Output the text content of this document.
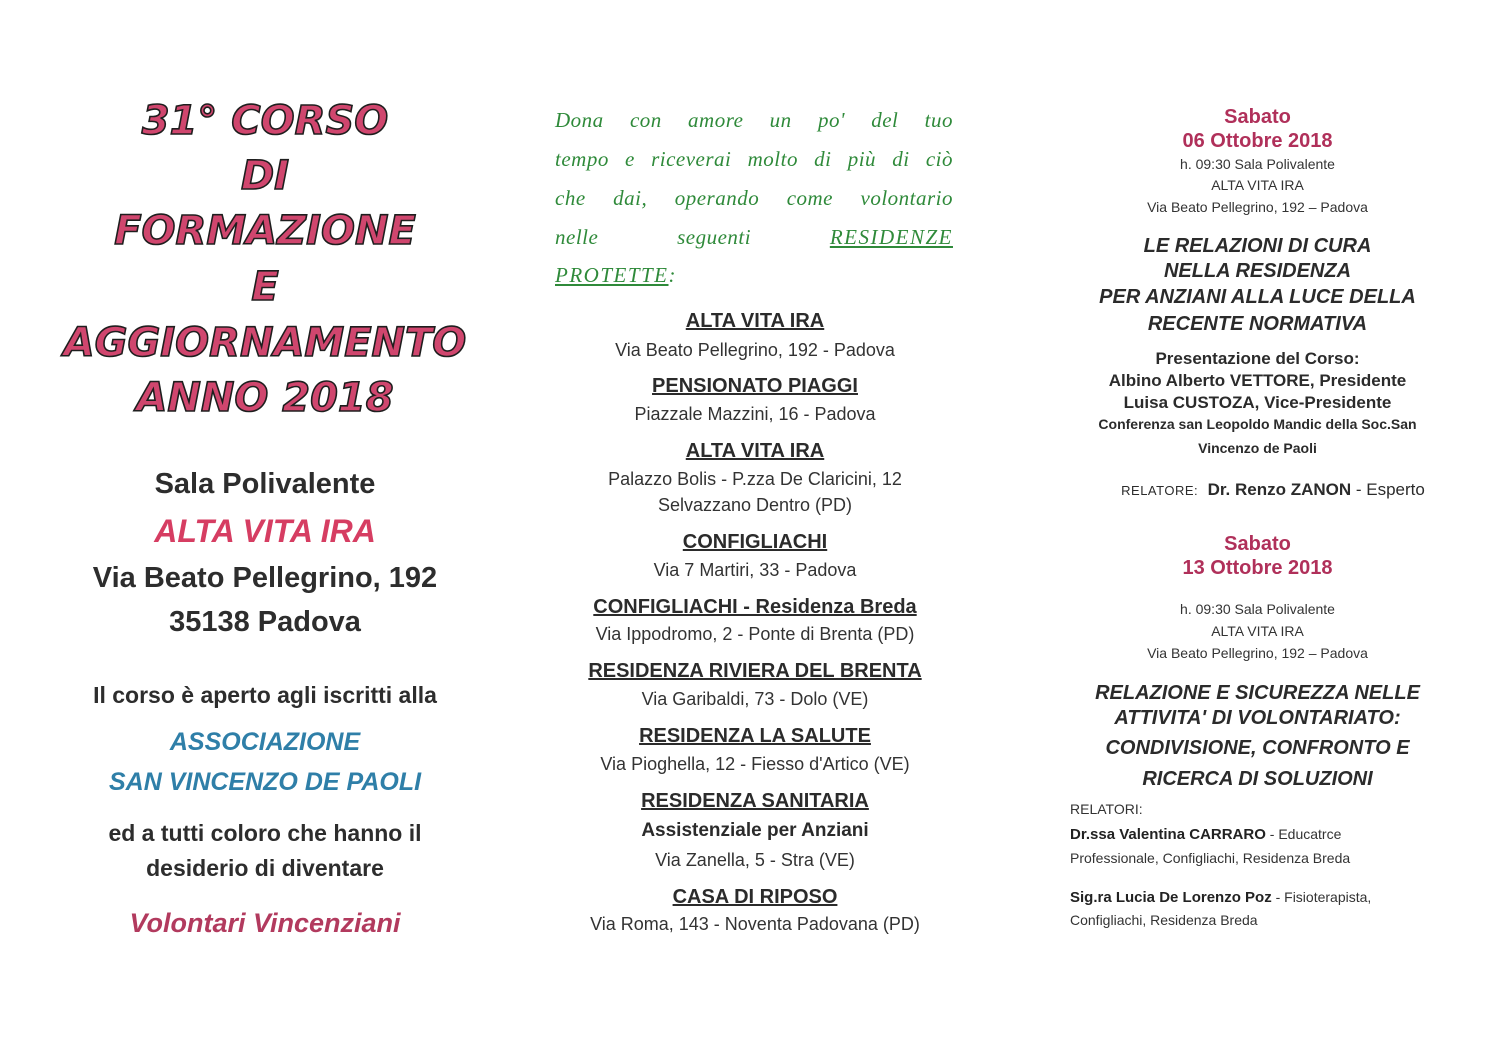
31° CORSO
DI
FORMAZIONE
E
AGGIORNAMENTO
ANNO 2018
Sala Polivalente
ALTA VITA IRA
Via Beato Pellegrino, 192
35138 Padova
Il corso è aperto agli iscritti alla
ASSOCIAZIONE
SAN VINCENZO DE PAOLI
ed a tutti coloro che hanno il
desiderio di diventare
Volontari Vincenziani
Dona con amore un po' del tuo
tempo e riceverai molto di più di ciò
che dai, operando come volontario
nelle	seguenti	RESIDENZE
PROTETTE:
ALTA VITA IRA
Via Beato Pellegrino, 192 - Padova
PENSIONATO PIAGGI
Piazzale Mazzini, 16 - Padova
ALTA VITA IRA
Palazzo Bolis - P.zza De Claricini, 12
Selvazzano Dentro (PD)
CONFIGLIACHI
Via 7 Martiri, 33 - Padova
CONFIGLIACHI - Residenza Breda
Via Ippodromo, 2 - Ponte di Brenta (PD)
RESIDENZA RIVIERA DEL BRENTA
Via Garibaldi, 73 - Dolo (VE)
RESIDENZA LA SALUTE
Via Pioghella, 12 - Fiesso d'Artico (VE)
RESIDENZA SANITARIA
Assistenziale per Anziani
Via Zanella, 5 - Stra (VE)
CASA DI RIPOSO
Via Roma, 143 - Noventa Padovana (PD)
Sabato
06 Ottobre 2018
h. 09:30 Sala Polivalente
ALTA VITA IRA
Via Beato Pellegrino, 192 – Padova
LE RELAZIONI DI CURA
NELLA RESIDENZA
PER ANZIANI ALLA LUCE DELLA
RECENTE NORMATIVA
Presentazione del Corso:
Albino Alberto VETTORE, Presidente
Luisa CUSTOZA, Vice-Presidente
Conferenza san Leopoldo Mandic della Soc.San
Vincenzo de Paoli
RELATORE: Dr. Renzo ZANON - Esperto
Sabato
13 Ottobre 2018
h. 09:30 Sala Polivalente
ALTA VITA IRA
Via Beato Pellegrino, 192 – Padova
RELAZIONE E SICUREZZA NELLE
ATTIVITA' DI VOLONTARIATO:
CONDIVISIONE, CONFRONTO E
RICERCA DI SOLUZIONI
RELATORI:
Dr.ssa Valentina CARRARO - Educatrce
Professionale, Configliachi, Residenza Breda
Sig.ra Lucia De Lorenzo Poz - Fisioterapista,
Configliachi, Residenza Breda
